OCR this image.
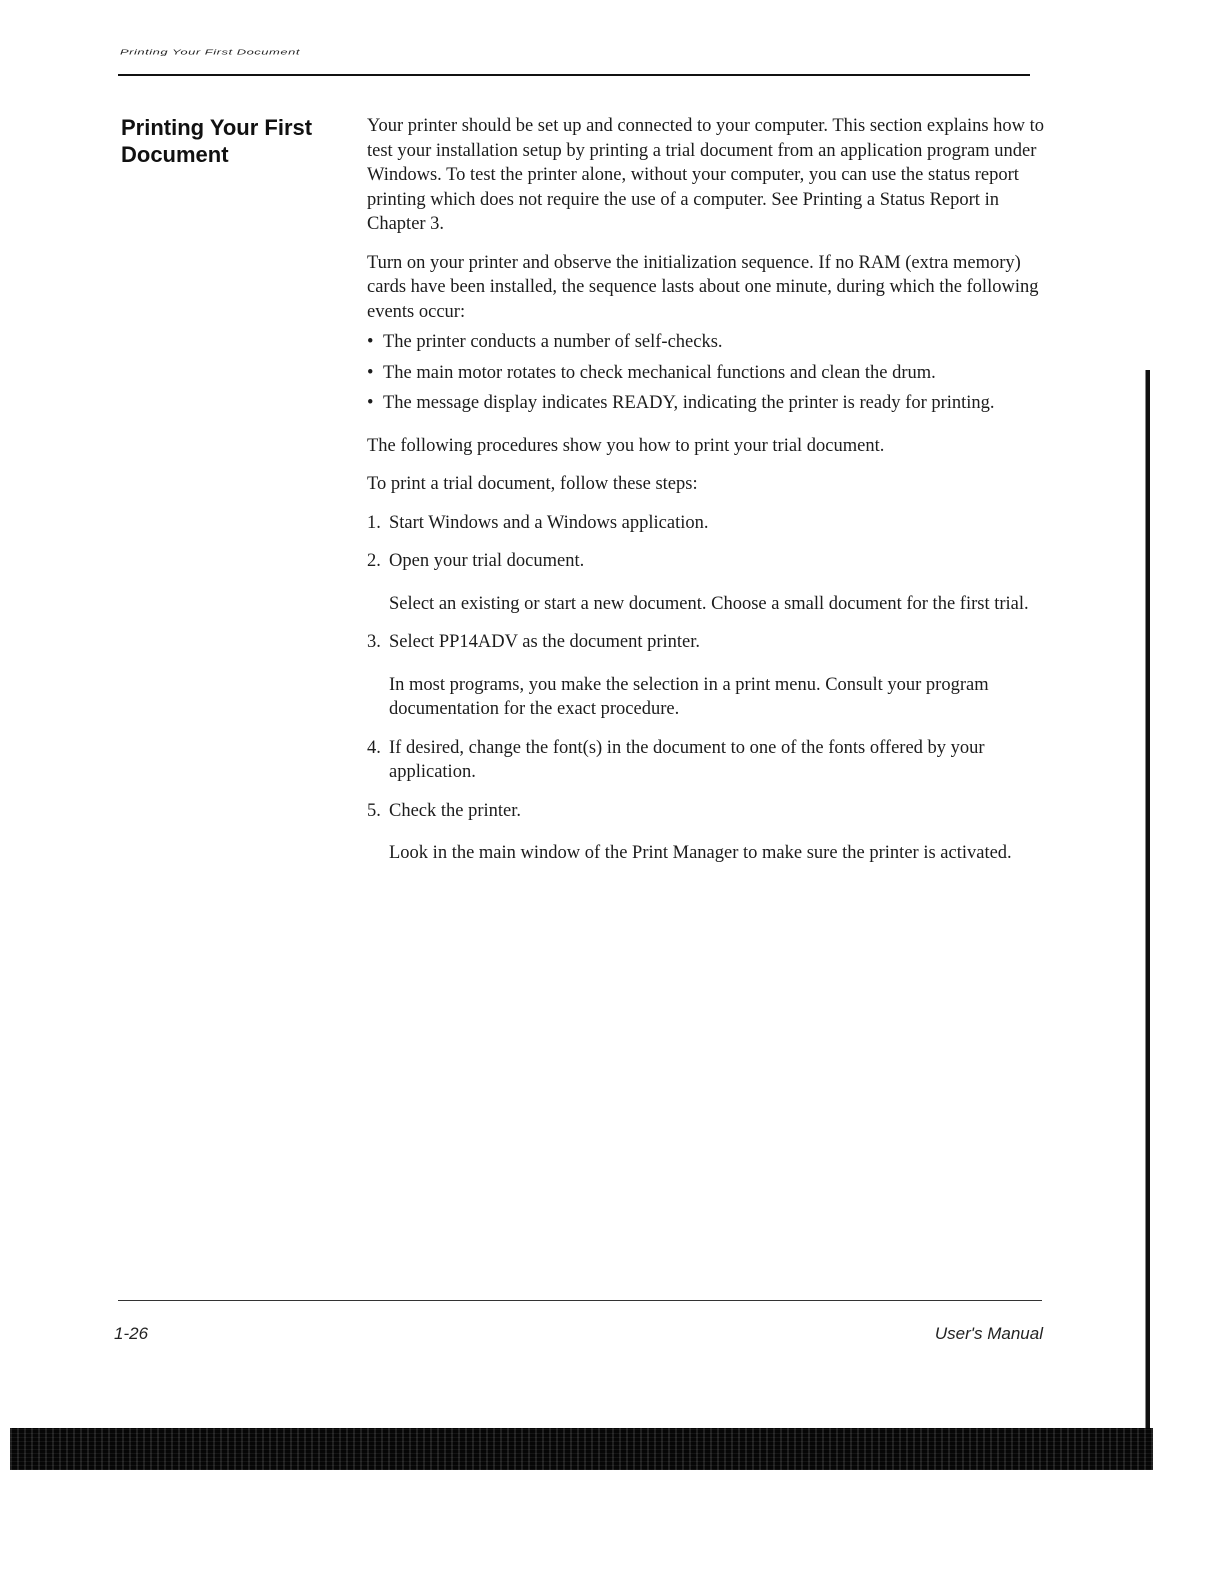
Printing Your First Document
Printing Your First Document

Your printer should be set up and connected to your computer. This section explains how to test your installation setup by printing a trial document from an application program under Windows. To test the printer alone, without your computer, you can use the status report printing which does not require the use of a computer. See Printing a Status Report in Chapter 3.

Turn on your printer and observe the initialization sequence. If no RAM (extra memory) cards have been installed, the sequence lasts about one minute, during which the following events occur:

• The printer conducts a number of self-checks.
• The main motor rotates to check mechanical functions and clean the drum.
• The message display indicates READY, indicating the printer is ready for printing.

The following procedures show you how to print your trial document.

To print a trial document, follow these steps:

1. Start Windows and a Windows application.
2. Open your trial document.
Select an existing or start a new document. Choose a small document for the first trial.
3. Select PP14ADV as the document printer.
In most programs, you make the selection in a print menu. Consult your program documentation for the exact procedure.
4. If desired, change the font(s) in the document to one of the fonts offered by your application.
5. Check the printer.
Look in the main window of the Print Manager to make sure the printer is activated.
1-26	User's Manual
